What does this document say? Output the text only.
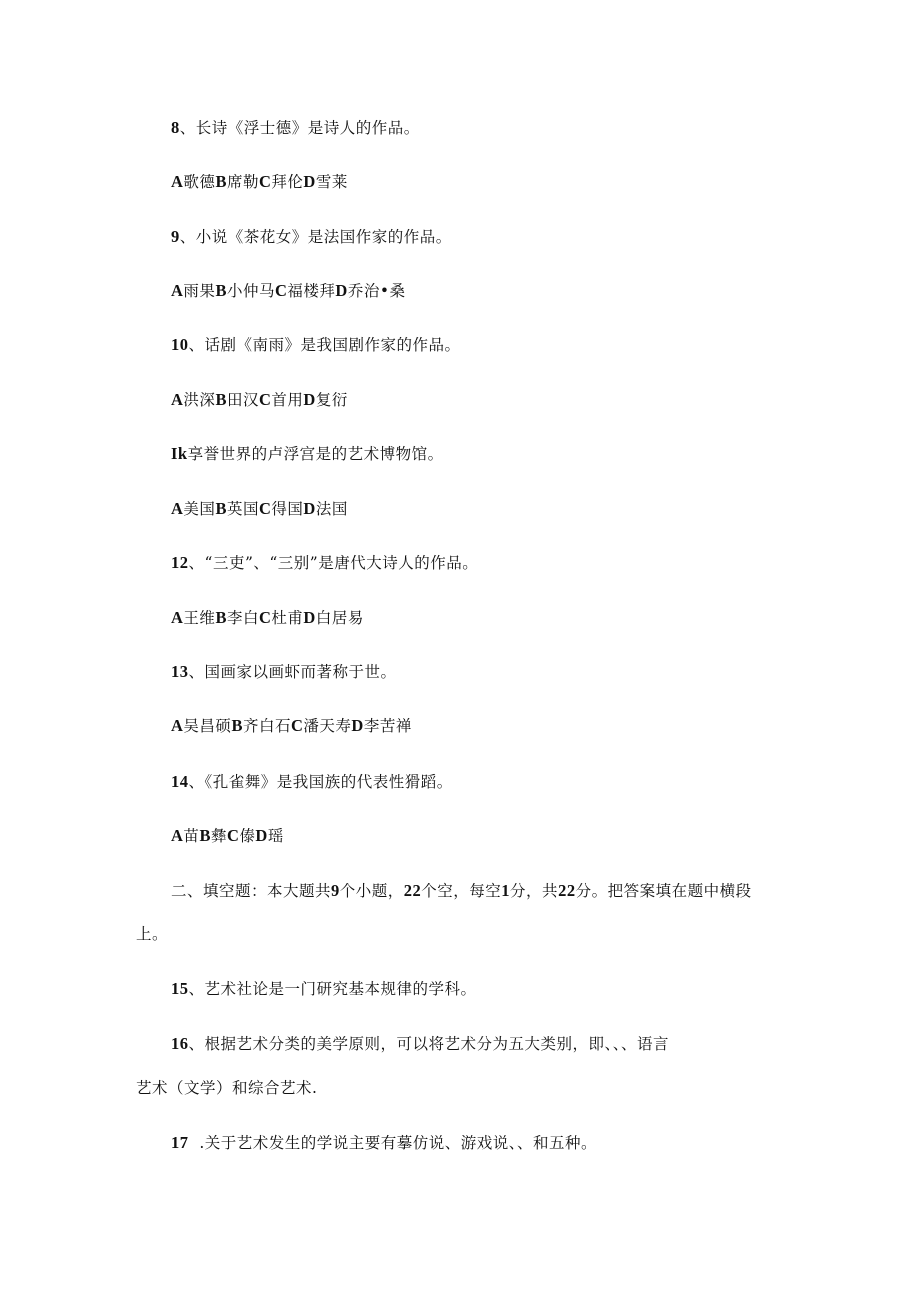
8、长诗《浮士德》是诗人的作品。
A歌德B席勒C拜伦D雪莱
9、小说《茶花女》是法国作家的作品。
A雨果B小仲马C福楼拜D乔治•桑
10、话剧《南雨》是我国剧作家的作品。
A洪深B田汉C首用D复衍
Ik享誉世界的卢浮宫是的艺术博物馆。
A美国B英国C得国D法国
12、“三吏”、“三别”是唐代大诗人的作品。
A王维B李白C杜甫D白居易
13、国画家以画虾而著称于世。
A吴昌硕B齐白石C潘天寿D李苦禅
14、《孔雀舞》是我国族的代表性猾蹈。
A苗B彝C傣D瑶
二、填空题：本大题共9个小题，22个空，每空1分，共22分。把答案填在题中横段
上。
15、艺术社论是一门研究基本规律的学科。
16、根据艺术分类的美学原则，可以将艺术分为五大类别，即、、、语言
艺术（文学）和综合艺术.
17  .关于艺术发生的学说主要有摹仿说、游戏说、、和五种。
